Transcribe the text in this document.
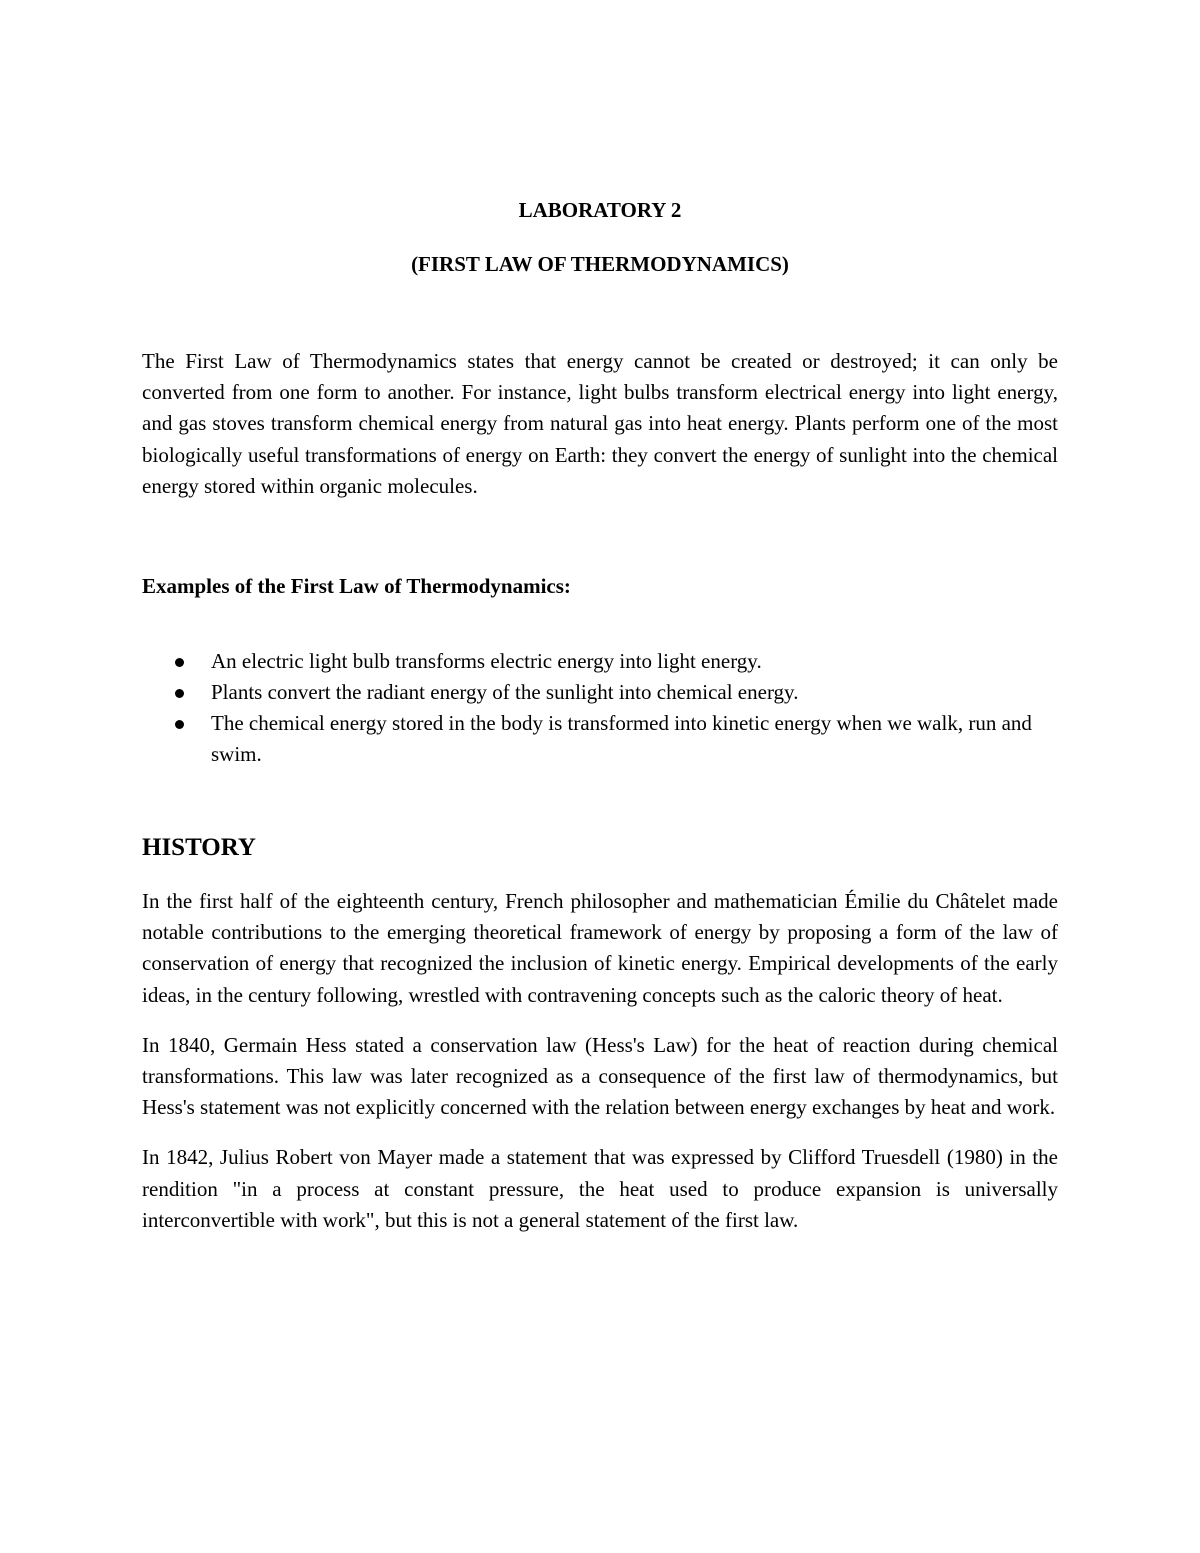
LABORATORY 2
(FIRST LAW OF THERMODYNAMICS)

The First Law of Thermodynamics states that energy cannot be created or destroyed; it can only be converted from one form to another. For instance, light bulbs transform electrical energy into light energy, and gas stoves transform chemical energy from natural gas into heat energy. Plants perform one of the most biologically useful transformations of energy on Earth: they convert the energy of sunlight into the chemical energy stored within organic molecules.

Examples of the First Law of Thermodynamics:

An electric light bulb transforms electric energy into light energy.
Plants convert the radiant energy of the sunlight into chemical energy.
The chemical energy stored in the body is transformed into kinetic energy when we walk, run and swim.
HISTORY

In the first half of the eighteenth century, French philosopher and mathematician Émilie du Châtelet made notable contributions to the emerging theoretical framework of energy by proposing a form of the law of conservation of energy that recognized the inclusion of kinetic energy. Empirical developments of the early ideas, in the century following, wrestled with contravening concepts such as the caloric theory of heat.

In 1840, Germain Hess stated a conservation law (Hess's Law) for the heat of reaction during chemical transformations. This law was later recognized as a consequence of the first law of thermodynamics, but Hess's statement was not explicitly concerned with the relation between energy exchanges by heat and work.

In 1842, Julius Robert von Mayer made a statement that was expressed by Clifford Truesdell (1980) in the rendition "in a process at constant pressure, the heat used to produce expansion is universally interconvertible with work", but this is not a general statement of the first law.
